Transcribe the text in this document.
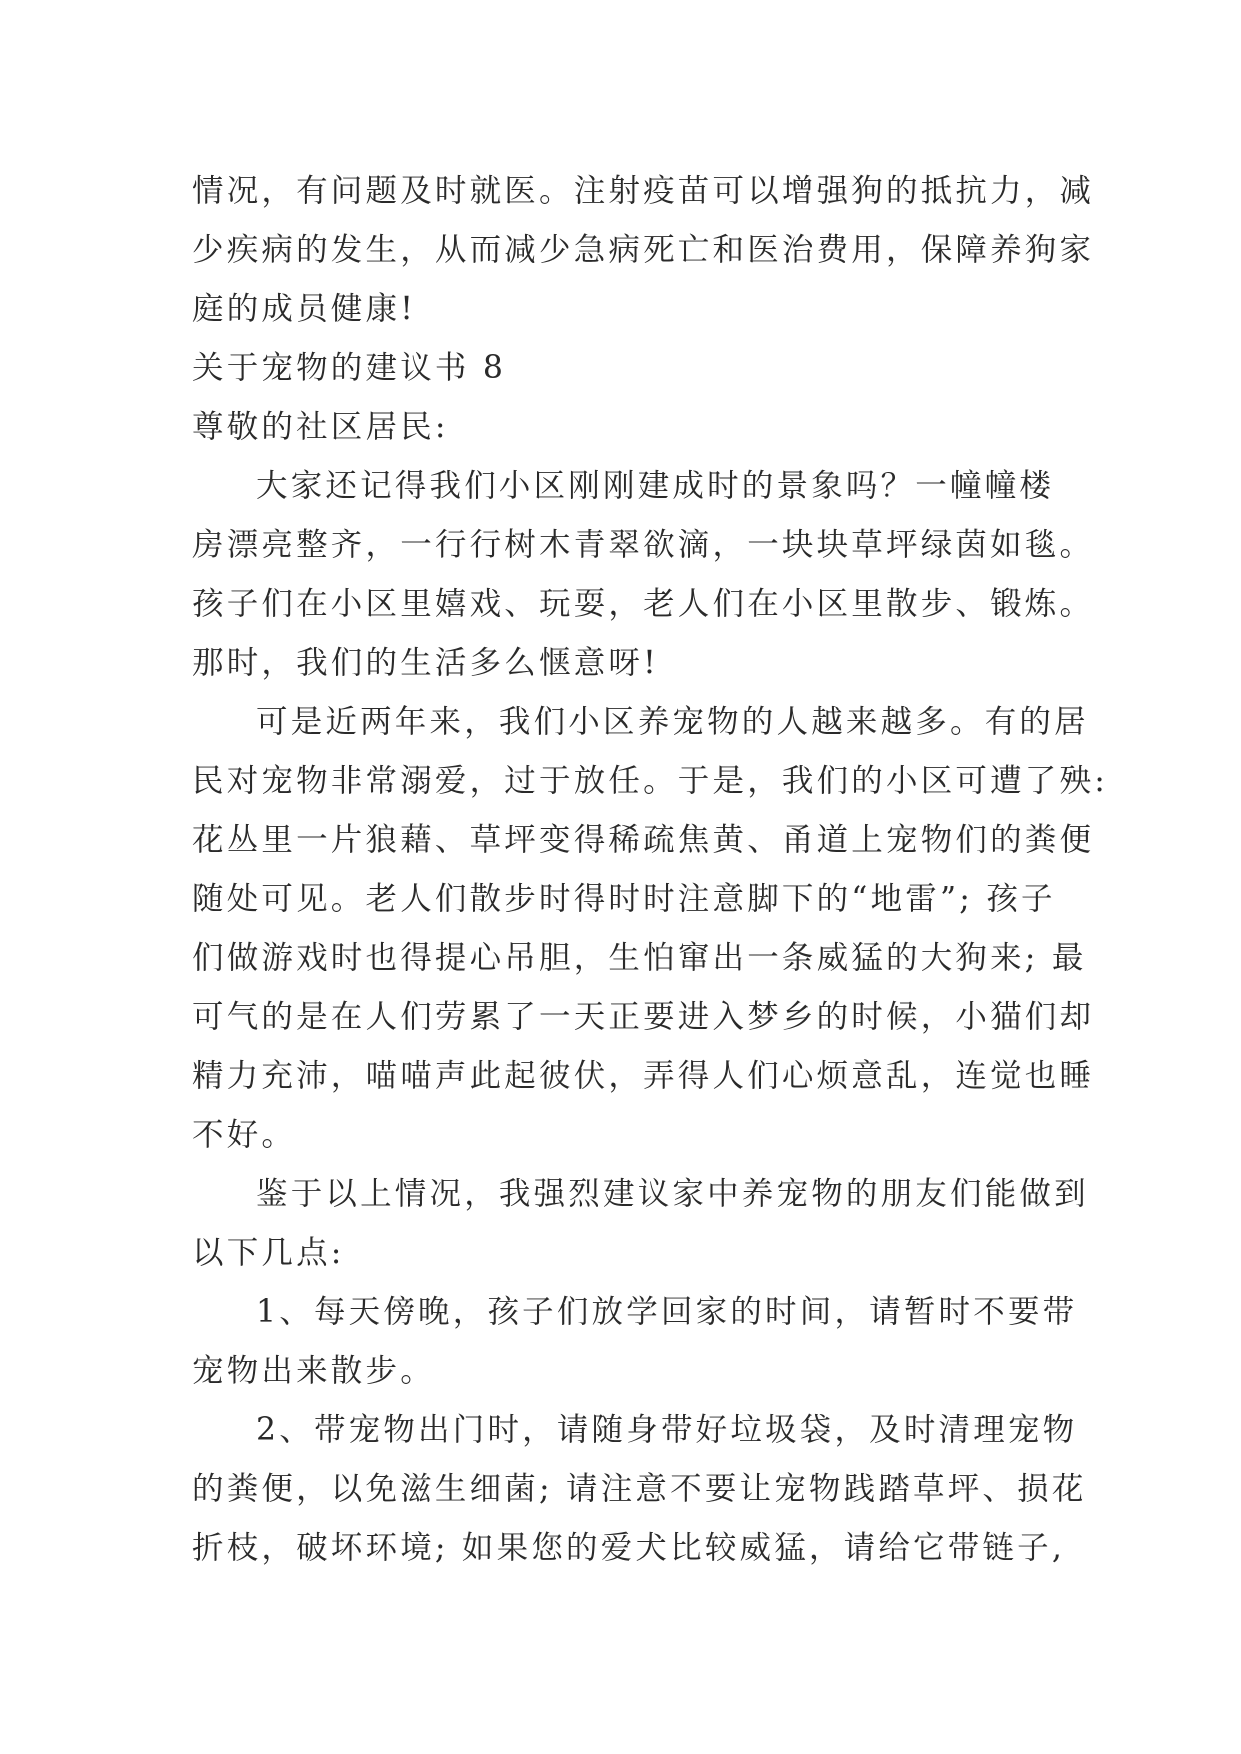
情况，有问题及时就医。注射疫苗可以增强狗的抵抗力，减
少疾病的发生，从而减少急病死亡和医治费用，保障养狗家
庭的成员健康!
关于宠物的建议书 8
尊敬的社区居民:
大家还记得我们小区刚刚建成时的景象吗？一幢幢楼
房漂亮整齐，一行行树木青翠欲滴，一块块草坪绿茵如毯。
孩子们在小区里嬉戏、玩耍，老人们在小区里散步、锻炼。
那时，我们的生活多么惬意呀!
可是近两年来，我们小区养宠物的人越来越多。有的居
民对宠物非常溺爱，过于放任。于是，我们的小区可遭了殃:
花丛里一片狼藉、草坪变得稀疏焦黄、甬道上宠物们的粪便
随处可见。老人们散步时得时时注意脚下的“地雷”; 孩子
们做游戏时也得提心吊胆，生怕窜出一条威猛的大狗来; 最
可气的是在人们劳累了一天正要进入梦乡的时候，小猫们却
精力充沛，喵喵声此起彼伏，弄得人们心烦意乱，连觉也睡
不好。
鉴于以上情况，我强烈建议家中养宠物的朋友们能做到
以下几点:
1、每天傍晚，孩子们放学回家的时间，请暂时不要带
宠物出来散步。
2、带宠物出门时，请随身带好垃圾袋，及时清理宠物
的粪便，以免滋生细菌; 请注意不要让宠物践踏草坪、损花
折枝，破坏环境; 如果您的爱犬比较威猛，请给它带链子,
